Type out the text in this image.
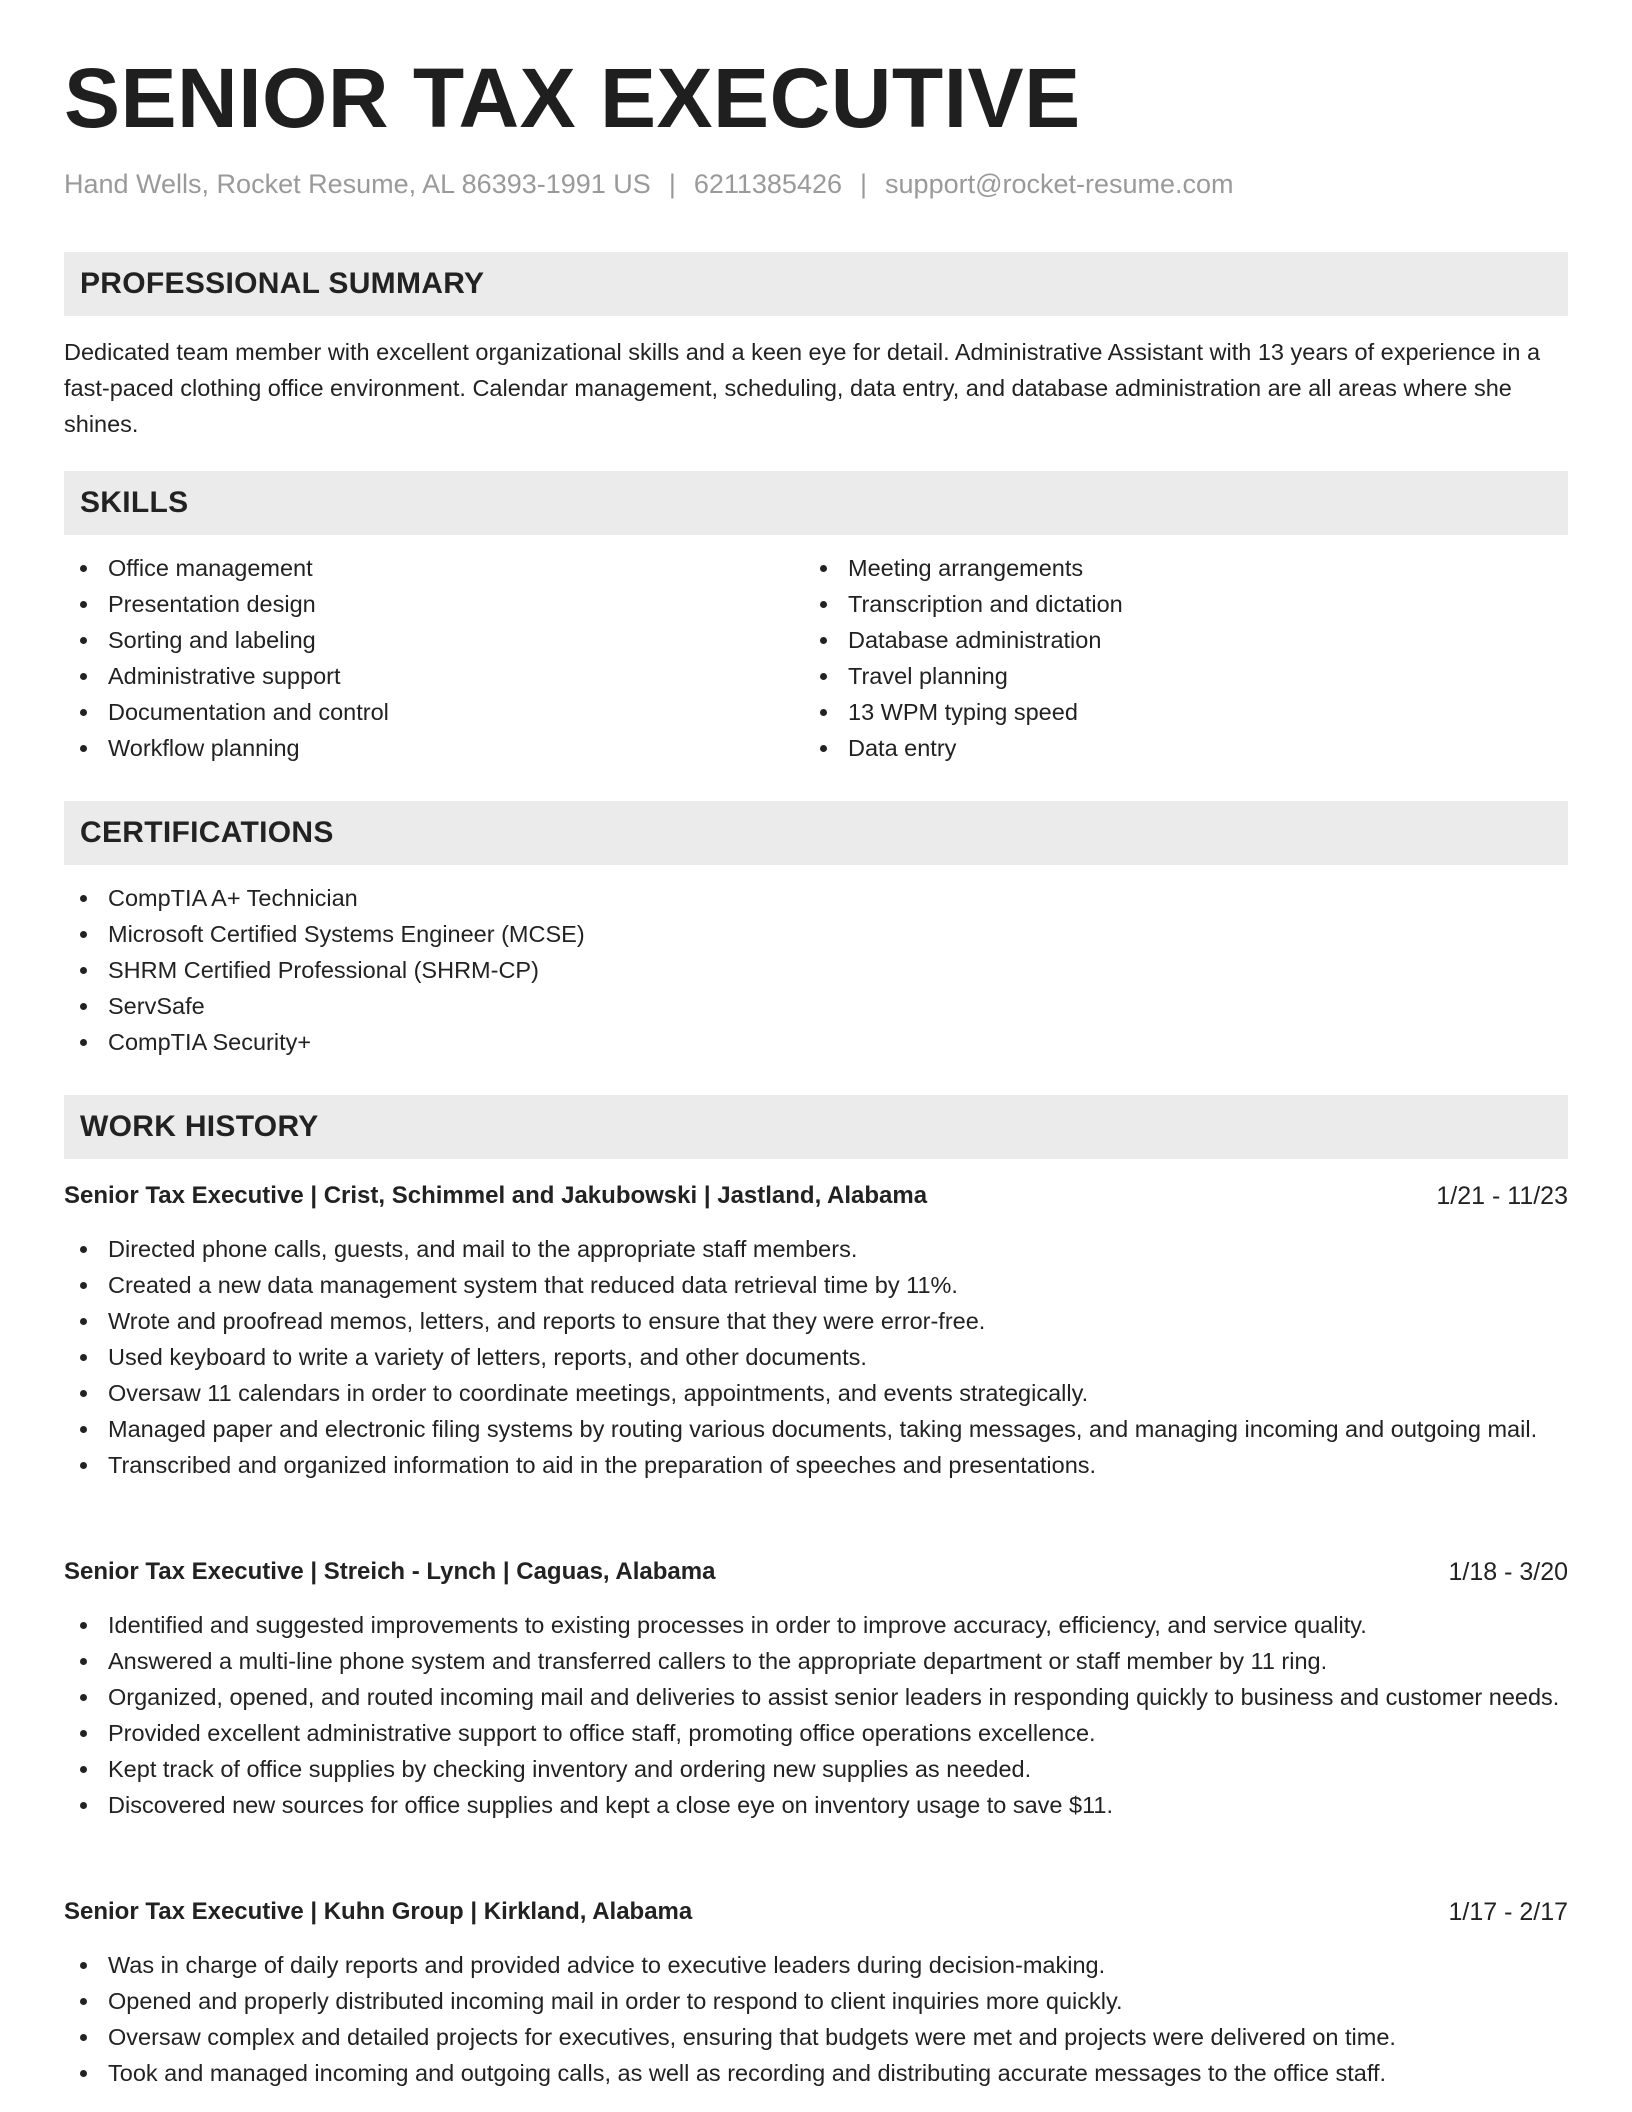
SENIOR TAX EXECUTIVE
Hand Wells, Rocket Resume, AL 86393-1991 US | 6211385426 | support@rocket-resume.com
PROFESSIONAL SUMMARY
Dedicated team member with excellent organizational skills and a keen eye for detail. Administrative Assistant with 13 years of experience in a fast-paced clothing office environment. Calendar management, scheduling, data entry, and database administration are all areas where she shines.
SKILLS
Office management
Presentation design
Sorting and labeling
Administrative support
Documentation and control
Workflow planning
Meeting arrangements
Transcription and dictation
Database administration
Travel planning
13 WPM typing speed
Data entry
CERTIFICATIONS
CompTIA A+ Technician
Microsoft Certified Systems Engineer (MCSE)
SHRM Certified Professional (SHRM-CP)
ServSafe
CompTIA Security+
WORK HISTORY
Senior Tax Executive | Crist, Schimmel and Jakubowski | Jastland, Alabama	1/21 - 11/23
Directed phone calls, guests, and mail to the appropriate staff members.
Created a new data management system that reduced data retrieval time by 11%.
Wrote and proofread memos, letters, and reports to ensure that they were error-free.
Used keyboard to write a variety of letters, reports, and other documents.
Oversaw 11 calendars in order to coordinate meetings, appointments, and events strategically.
Managed paper and electronic filing systems by routing various documents, taking messages, and managing incoming and outgoing mail.
Transcribed and organized information to aid in the preparation of speeches and presentations.
Senior Tax Executive | Streich - Lynch | Caguas, Alabama	1/18 - 3/20
Identified and suggested improvements to existing processes in order to improve accuracy, efficiency, and service quality.
Answered a multi-line phone system and transferred callers to the appropriate department or staff member by 11 ring.
Organized, opened, and routed incoming mail and deliveries to assist senior leaders in responding quickly to business and customer needs.
Provided excellent administrative support to office staff, promoting office operations excellence.
Kept track of office supplies by checking inventory and ordering new supplies as needed.
Discovered new sources for office supplies and kept a close eye on inventory usage to save $11.
Senior Tax Executive | Kuhn Group | Kirkland, Alabama	1/17 - 2/17
Was in charge of daily reports and provided advice to executive leaders during decision-making.
Opened and properly distributed incoming mail in order to respond to client inquiries more quickly.
Oversaw complex and detailed projects for executives, ensuring that budgets were met and projects were delivered on time.
Took and managed incoming and outgoing calls, as well as recording and distributing accurate messages to the office staff.
